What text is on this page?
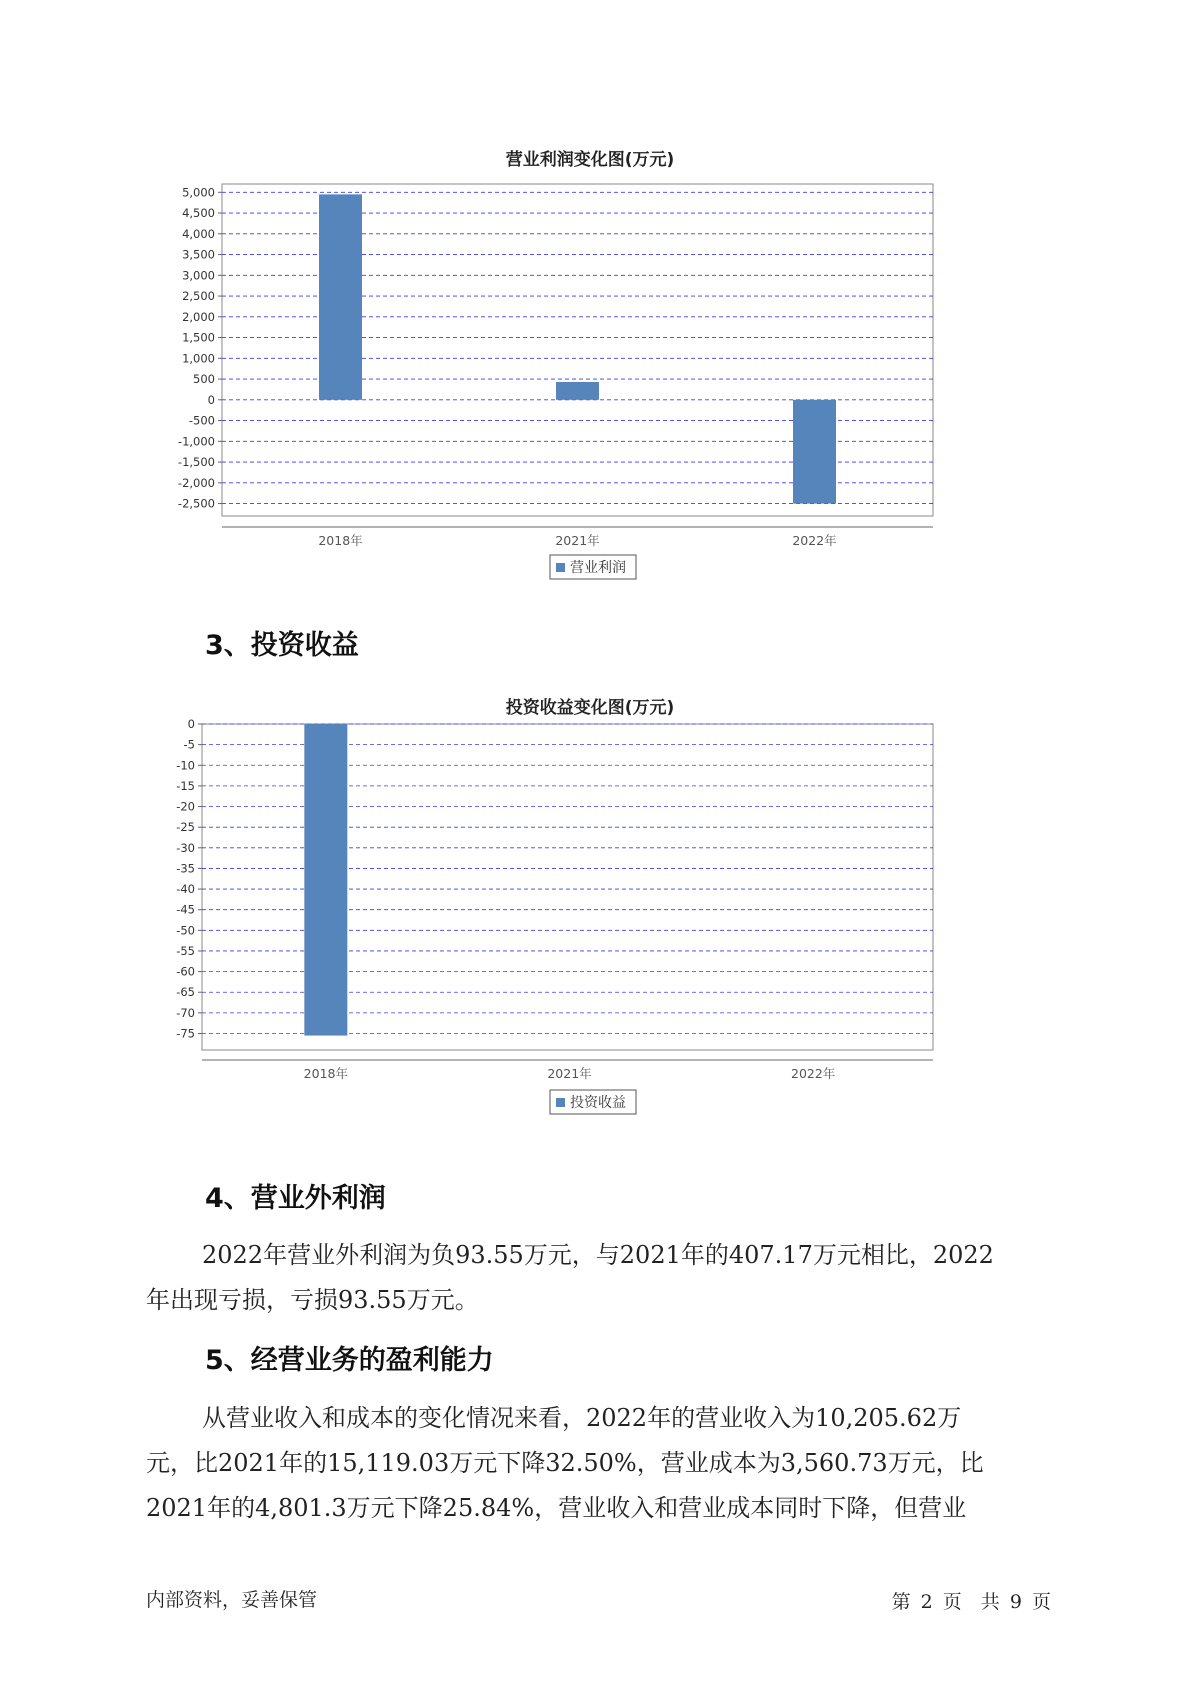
营业利润变化图(万元)
5,000
4,500
4,000
3,500
3,000
2,500
2,000
1,500
1,000
500
0
-500
-1,000
-1,500
-2,000
-2,500
2018年	2021年	2022年
营业利润
3、投资收益
投资收益变化图(万元)
0
-5
-10
-15
-20
-25
-30
-35
-40
-45
-50
-55
-60
-65
-70
-75
2018年	2021年	2022年
投资收益
4、营业外利润
2022年营业外利润为负93.55万元，与2021年的407.17万元相比，2022
年出现亏损，亏损93.55万元。
5、经营业务的盈利能力
从营业收入和成本的变化情况来看，2022年的营业收入为10,205.62万
元，比2021年的15,119.03万元下降32.50%，营业成本为3,560.73万元，比
2021年的4,801.3万元下降25.84%，营业收入和营业成本同时下降，但营业
内部资料，妥善保管	第 2 页　共 9 页
